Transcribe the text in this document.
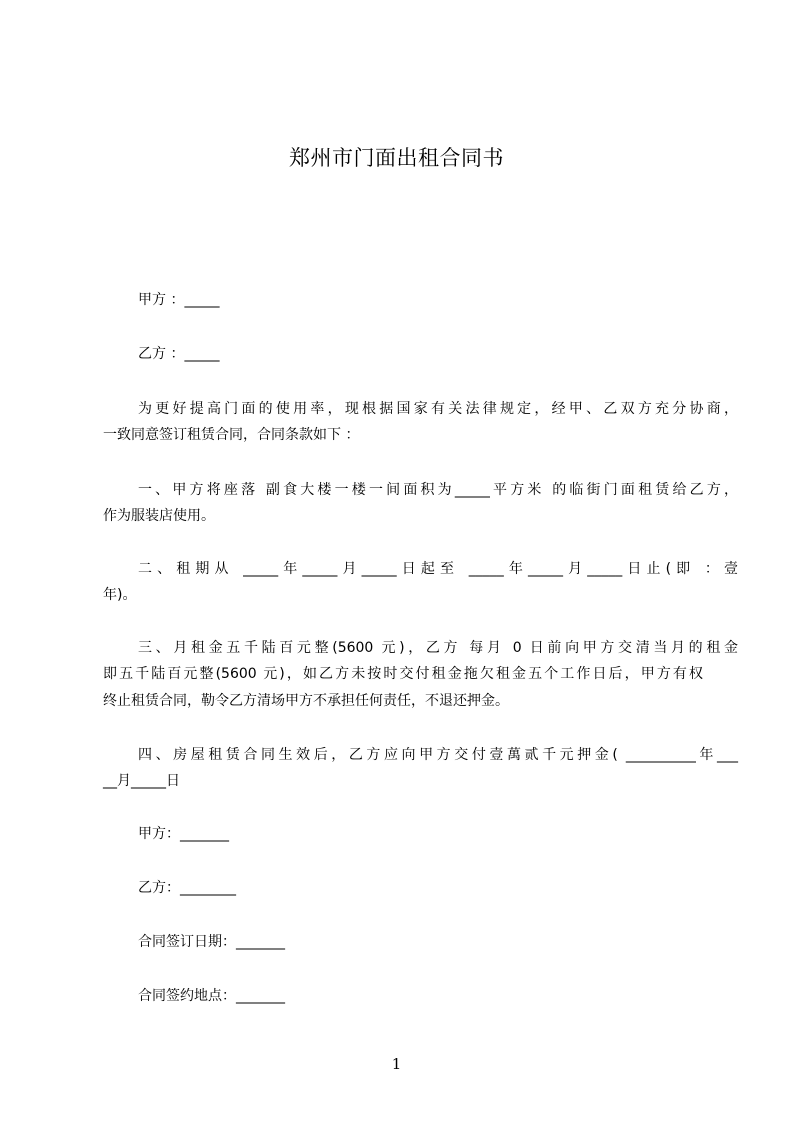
郑州市门面出租合同书
甲方 ：_____
乙方 ：_____
为更好提高门面的使用率，现根据国家有关法律规定，经甲、乙双方充分协商，
一致同意签订租赁合同，合同条款如下 ：
一、甲方将座落 副食大楼一楼一间面积为_____平方米 的临街门面租赁给乙方，
作为服装店使用。
二、租期从 _____年_____月_____日起至 _____年_____月_____日止(即 ：壹
年)。
三、月租金五千陆百元整(5600 元)，乙方 每月 0 日前向甲方交清当月的租金
即五千陆百元整(5600 元)，如乙方未按时交付租金拖欠租金五个工作日后，甲方有权
终止租赁合同，勒令乙方清场甲方不承担任何责任，不退还押金。
四、房屋租赁合同生效后，乙方应向甲方交付壹萬贰千元押金( __________年___
__月_____日
甲方：_______
乙方：________
合同签订日期：_______
合同签约地点：_______
1
